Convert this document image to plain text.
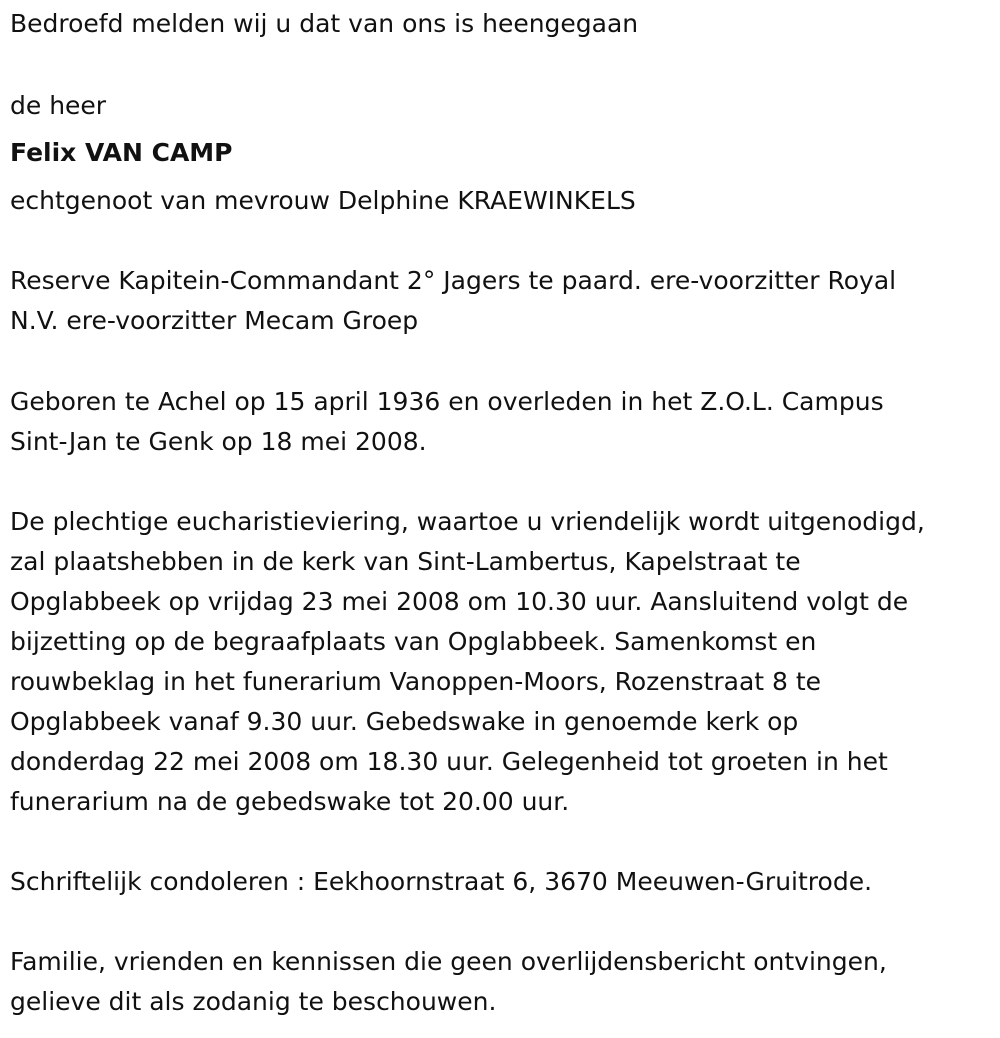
Bedroefd melden wij u dat van ons is heengegaan

de heer

Felix VAN CAMP

echtgenoot van mevrouw Delphine KRAEWINKELS

Reserve Kapitein-Commandant 2° Jagers te paard. ere-voorzitter Royal

N.V. ere-voorzitter Mecam Groep

Geboren te Achel op 15 april 1936 en overleden in het Z.O.L. Campus

Sint-Jan te Genk op 18 mei 2008.

De plechtige eucharistieviering, waartoe u vriendelijk wordt uitgenodigd,

zal plaatshebben in de kerk van Sint-Lambertus, Kapelstraat te

Opglabbeek op vrijdag 23 mei 2008 om 10.30 uur. Aansluitend volgt de

bijzetting op de begraafplaats van Opglabbeek. Samenkomst en

rouwbeklag in het funerarium Vanoppen-Moors, Rozenstraat 8 te

Opglabbeek vanaf 9.30 uur. Gebedswake in genoemde kerk op

donderdag 22 mei 2008 om 18.30 uur. Gelegenheid tot groeten in het

funerarium na de gebedswake tot 20.00 uur.

Schriftelijk condoleren : Eekhoornstraat 6, 3670 Meeuwen-Gruitrode.

Familie, vrienden en kennissen die geen overlijdensbericht ontvingen,

gelieve dit als zodanig te beschouwen.
